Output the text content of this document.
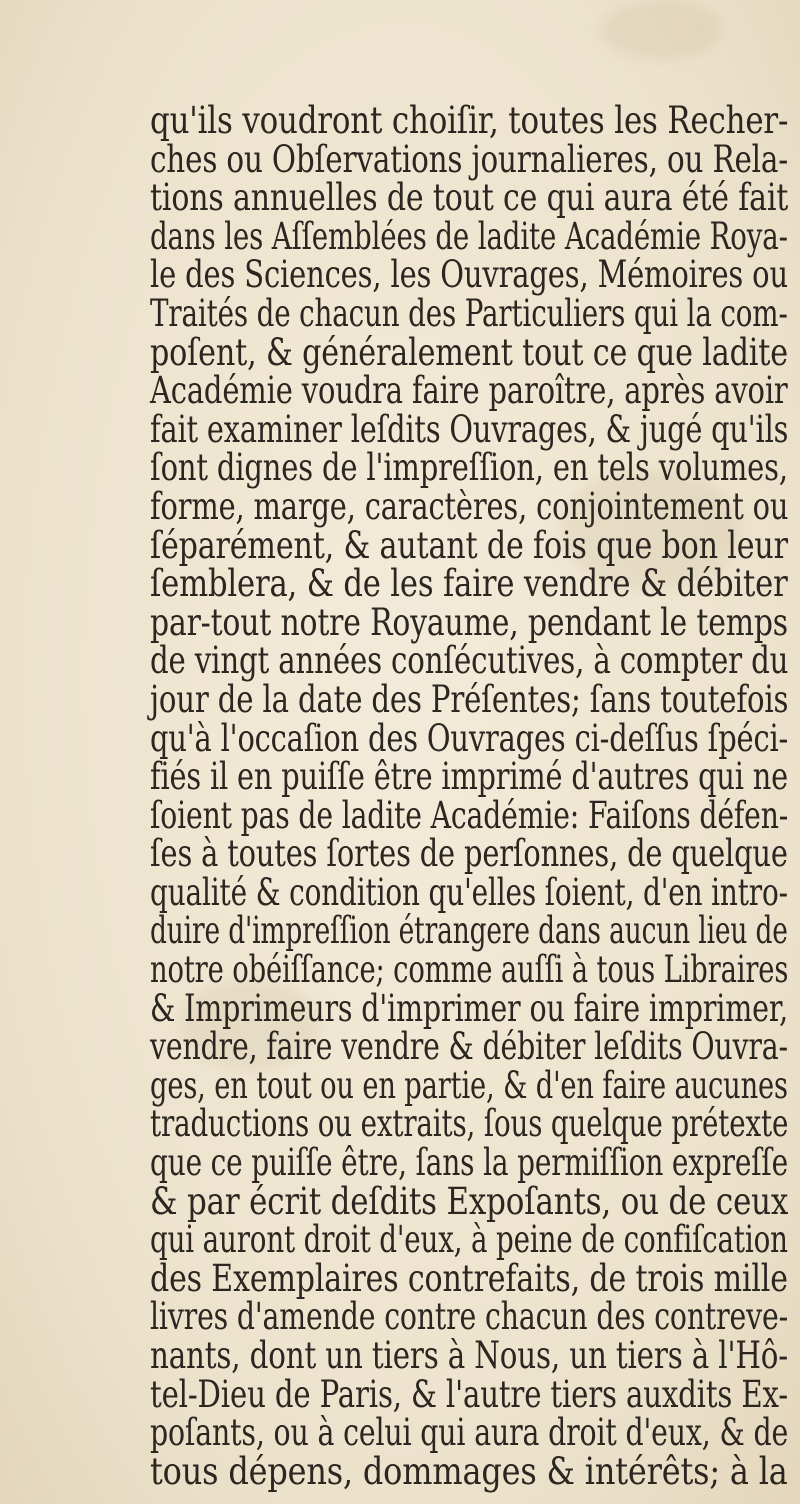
qu'ils voudront choiſir, toutes les Recher-
ches ou Obſervations journalieres, ou Rela-
tions annuelles de tout ce qui aura été fait
dans les Aſſemblées de ladite Académie Roya-
le des Sciences, les Ouvrages, Mémoires ou
Traités de chacun des Particuliers qui la com-
poſent, & généralement tout ce que ladite
Académie voudra faire paroître, après avoir
fait examiner leſdits Ouvrages, & jugé qu'ils
ſont dignes de l'impreſſion, en tels volumes,
forme, marge, caractères, conjointement ou
ſéparément, & autant de fois que bon leur
ſemblera, & de les faire vendre & débiter
par-tout notre Royaume, pendant le temps
de vingt années conſécutives, à compter du
jour de la date des Préſentes; ſans toutefois
qu'à l'occaſion des Ouvrages ci-deſſus ſpéci-
fiés il en puiſſe être imprimé d'autres qui ne
ſoient pas de ladite Académie: Faiſons défen-
ſes à toutes ſortes de perſonnes, de quelque
qualité & condition qu'elles ſoient, d'en intro-
duire d'impreſſion étrangere dans aucun lieu de
notre obéiſſance; comme auſſi à tous Libraires
& Imprimeurs d'imprimer ou faire imprimer,
vendre, faire vendre & débiter leſdits Ouvra-
ges, en tout ou en partie, & d'en faire aucunes
traductions ou extraits, ſous quelque prétexte
que ce puiſſe être, ſans la permiſſion expreſſe
& par écrit deſdits Expoſants, ou de ceux
qui auront droit d'eux, à peine de confiſcation
des Exemplaires contrefaits, de trois mille
livres d'amende contre chacun des contreve-
nants, dont un tiers à Nous, un tiers à l'Hô-
tel-Dieu de Paris, & l'autre tiers auxdits Ex-
poſants, ou à celui qui aura droit d'eux, & de
tous dépens, dommages & intérêts; à la
